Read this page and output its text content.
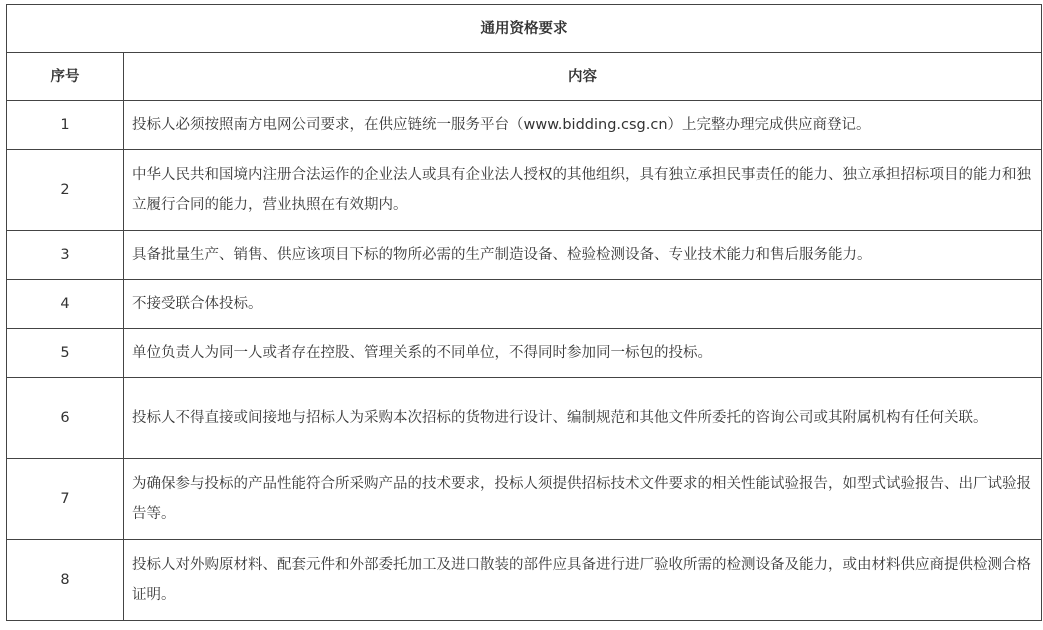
通用资格要求	
序号	内容
1	投标人必须按照南方电网公司要求，在供应链统一服务平台（www.bidding.csg.cn）上完整办理完成供应商登记。
2	中华人民共和国境内注册合法运作的企业法人或具有企业法人授权的其他组织，具有独立承担民事责任的能力、独立承担招标项目的能力和独立履行合同的能力，营业执照在有效期内。
3	具备批量生产、销售、供应该项目下标的物所必需的生产制造设备、检验检测设备、专业技术能力和售后服务能力。
4	不接受联合体投标。
5	单位负责人为同一人或者存在控股、管理关系的不同单位，不得同时参加同一标包的投标。
6	投标人不得直接或间接地与招标人为采购本次招标的货物进行设计、编制规范和其他文件所委托的咨询公司或其附属机构有任何关联。
7	为确保参与投标的产品性能符合所采购产品的技术要求，投标人须提供招标技术文件要求的相关性能试验报告，如型式试验报告、出厂试验报告等。
8	投标人对外购原材料、配套元件和外部委托加工及进口散装的部件应具备进行进厂验收所需的检测设备及能力，或由材料供应商提供检测合格证明。
